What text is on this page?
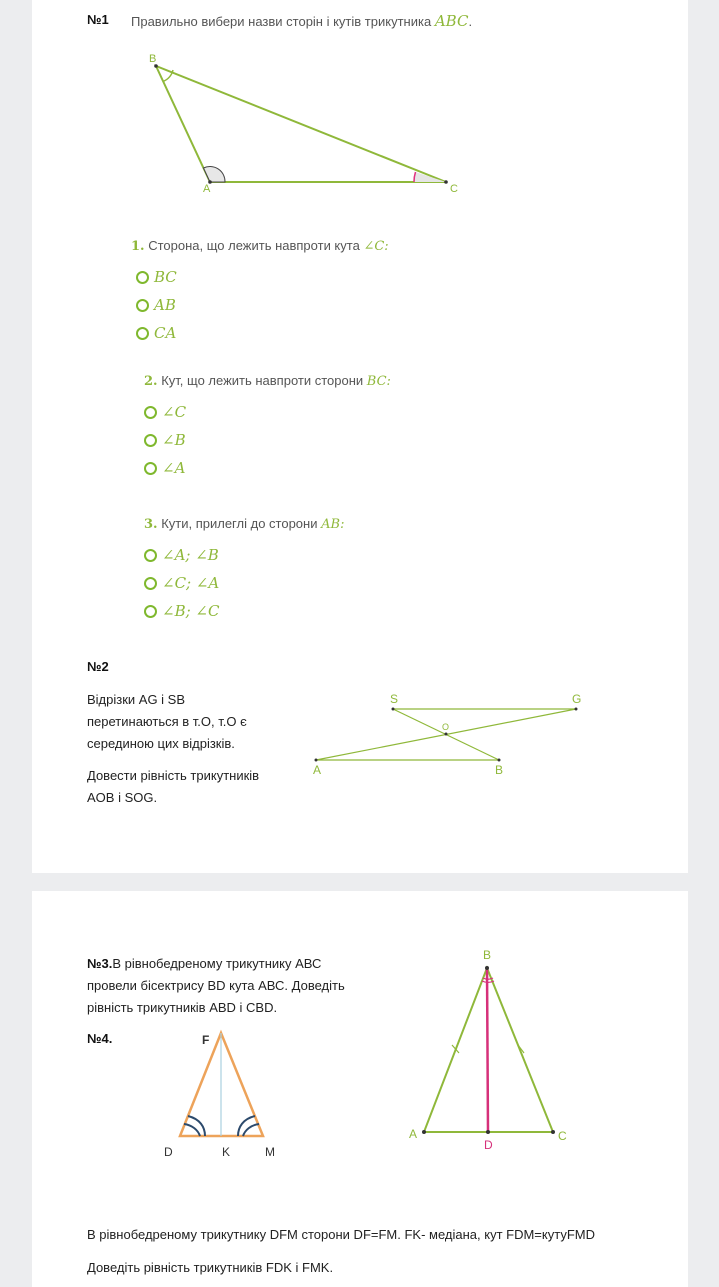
№1 Правильно вибери назви сторін і кутів трикутника ABC.
B
A	C
1. Сторона, що лежить навпроти кута ∠C:
BC
AB
CA
2. Кут, що лежить навпроти сторони BC:
∠C
∠B
∠A
3. Кути, прилеглі до сторони AB:
∠A; ∠B
∠C; ∠A
∠B; ∠C
№2
Відрізки AG і SB
перетинаються в т.О, т.О є
серединою цих відрізків.
Довести рівність трикутників
AOB і SOG.
S	G
O
A	B
№3.В рівнобедреному трикутнику АВС
провели бісектрису BD кута АВС. Доведіть
рівність трикутників ABD і CBD.
B
A	C
D
№4.	F
D	K	M
В рівнобедреному трикутнику DFM сторони DF=FM. FK- медіана, кут FDM=кутуFMD
Доведіть рівність трикутників FDK і FMK.
